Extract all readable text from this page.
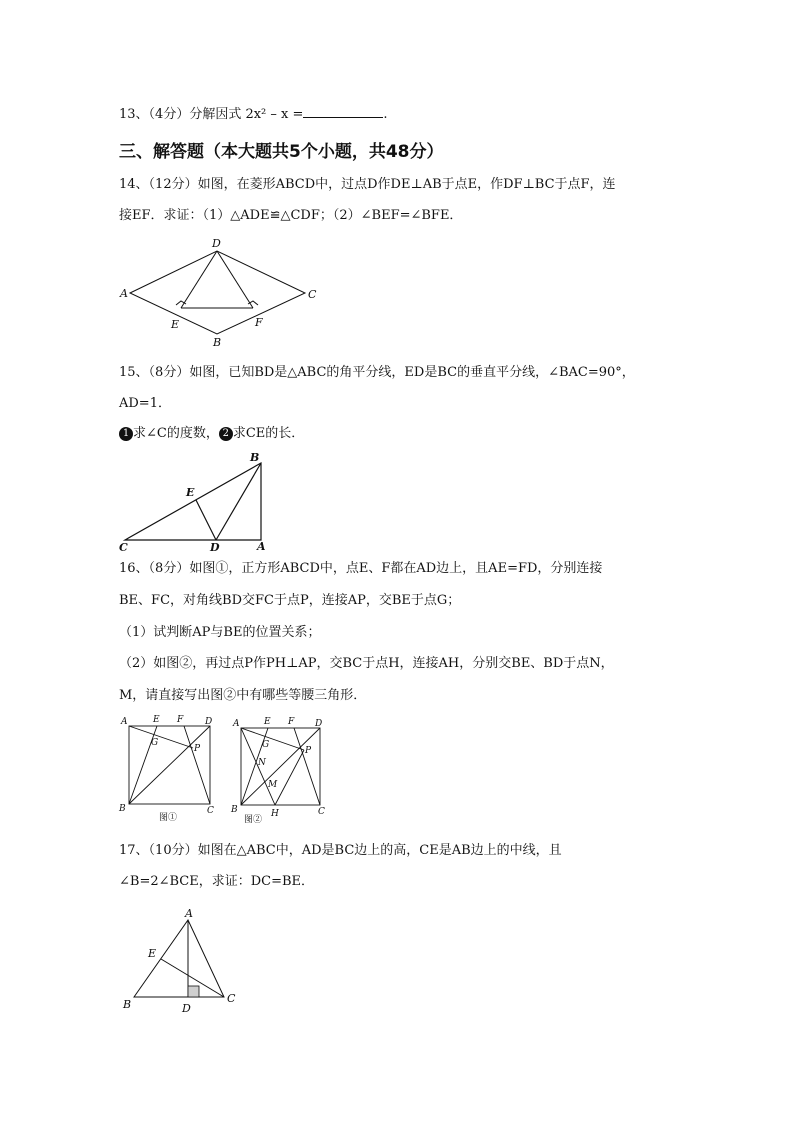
13、（4分）分解因式 2x² – x =	.
三、解答题（本大题共5个小题，共48分）
14、（12分）如图，在菱形ABCD中，过点D作DE⊥AB于点E，作DF⊥BC于点F，连
接EF．求证：（1）△ADE≌△CDF；（2）∠BEF=∠BFE．
D
A	C
E	F
B
15、（8分）如图，已知BD是△ABC的角平分线，ED是BC的垂直平分线，∠BAC=90°，
AD=1．
1 求∠C的度数， 2 求CE的长．
B
E
C	D	A
16、（8分）如图①，正方形ABCD中，点E、F都在AD边上，且AE=FD，分别连接
BE、FC，对角线BD交FC于点P，连接AP，交BE于点G；
（1）试判断AP与BE的位置关系；
（2）如图②，再过点P作PH⊥AP，交BC于点H，连接AH，分别交BE、BD于点N，
M，请直接写出图②中有哪些等腰三角形．
A	E F D
G
P
B	C
图①
A	E F D
G
P
N
M
B	H	C
图②
17、（10分）如图在△ABC中，AD是BC边上的高，CE是AB边上的中线，且
∠B=2∠BCE，求证：DC=BE．
A
E
B	D
C
